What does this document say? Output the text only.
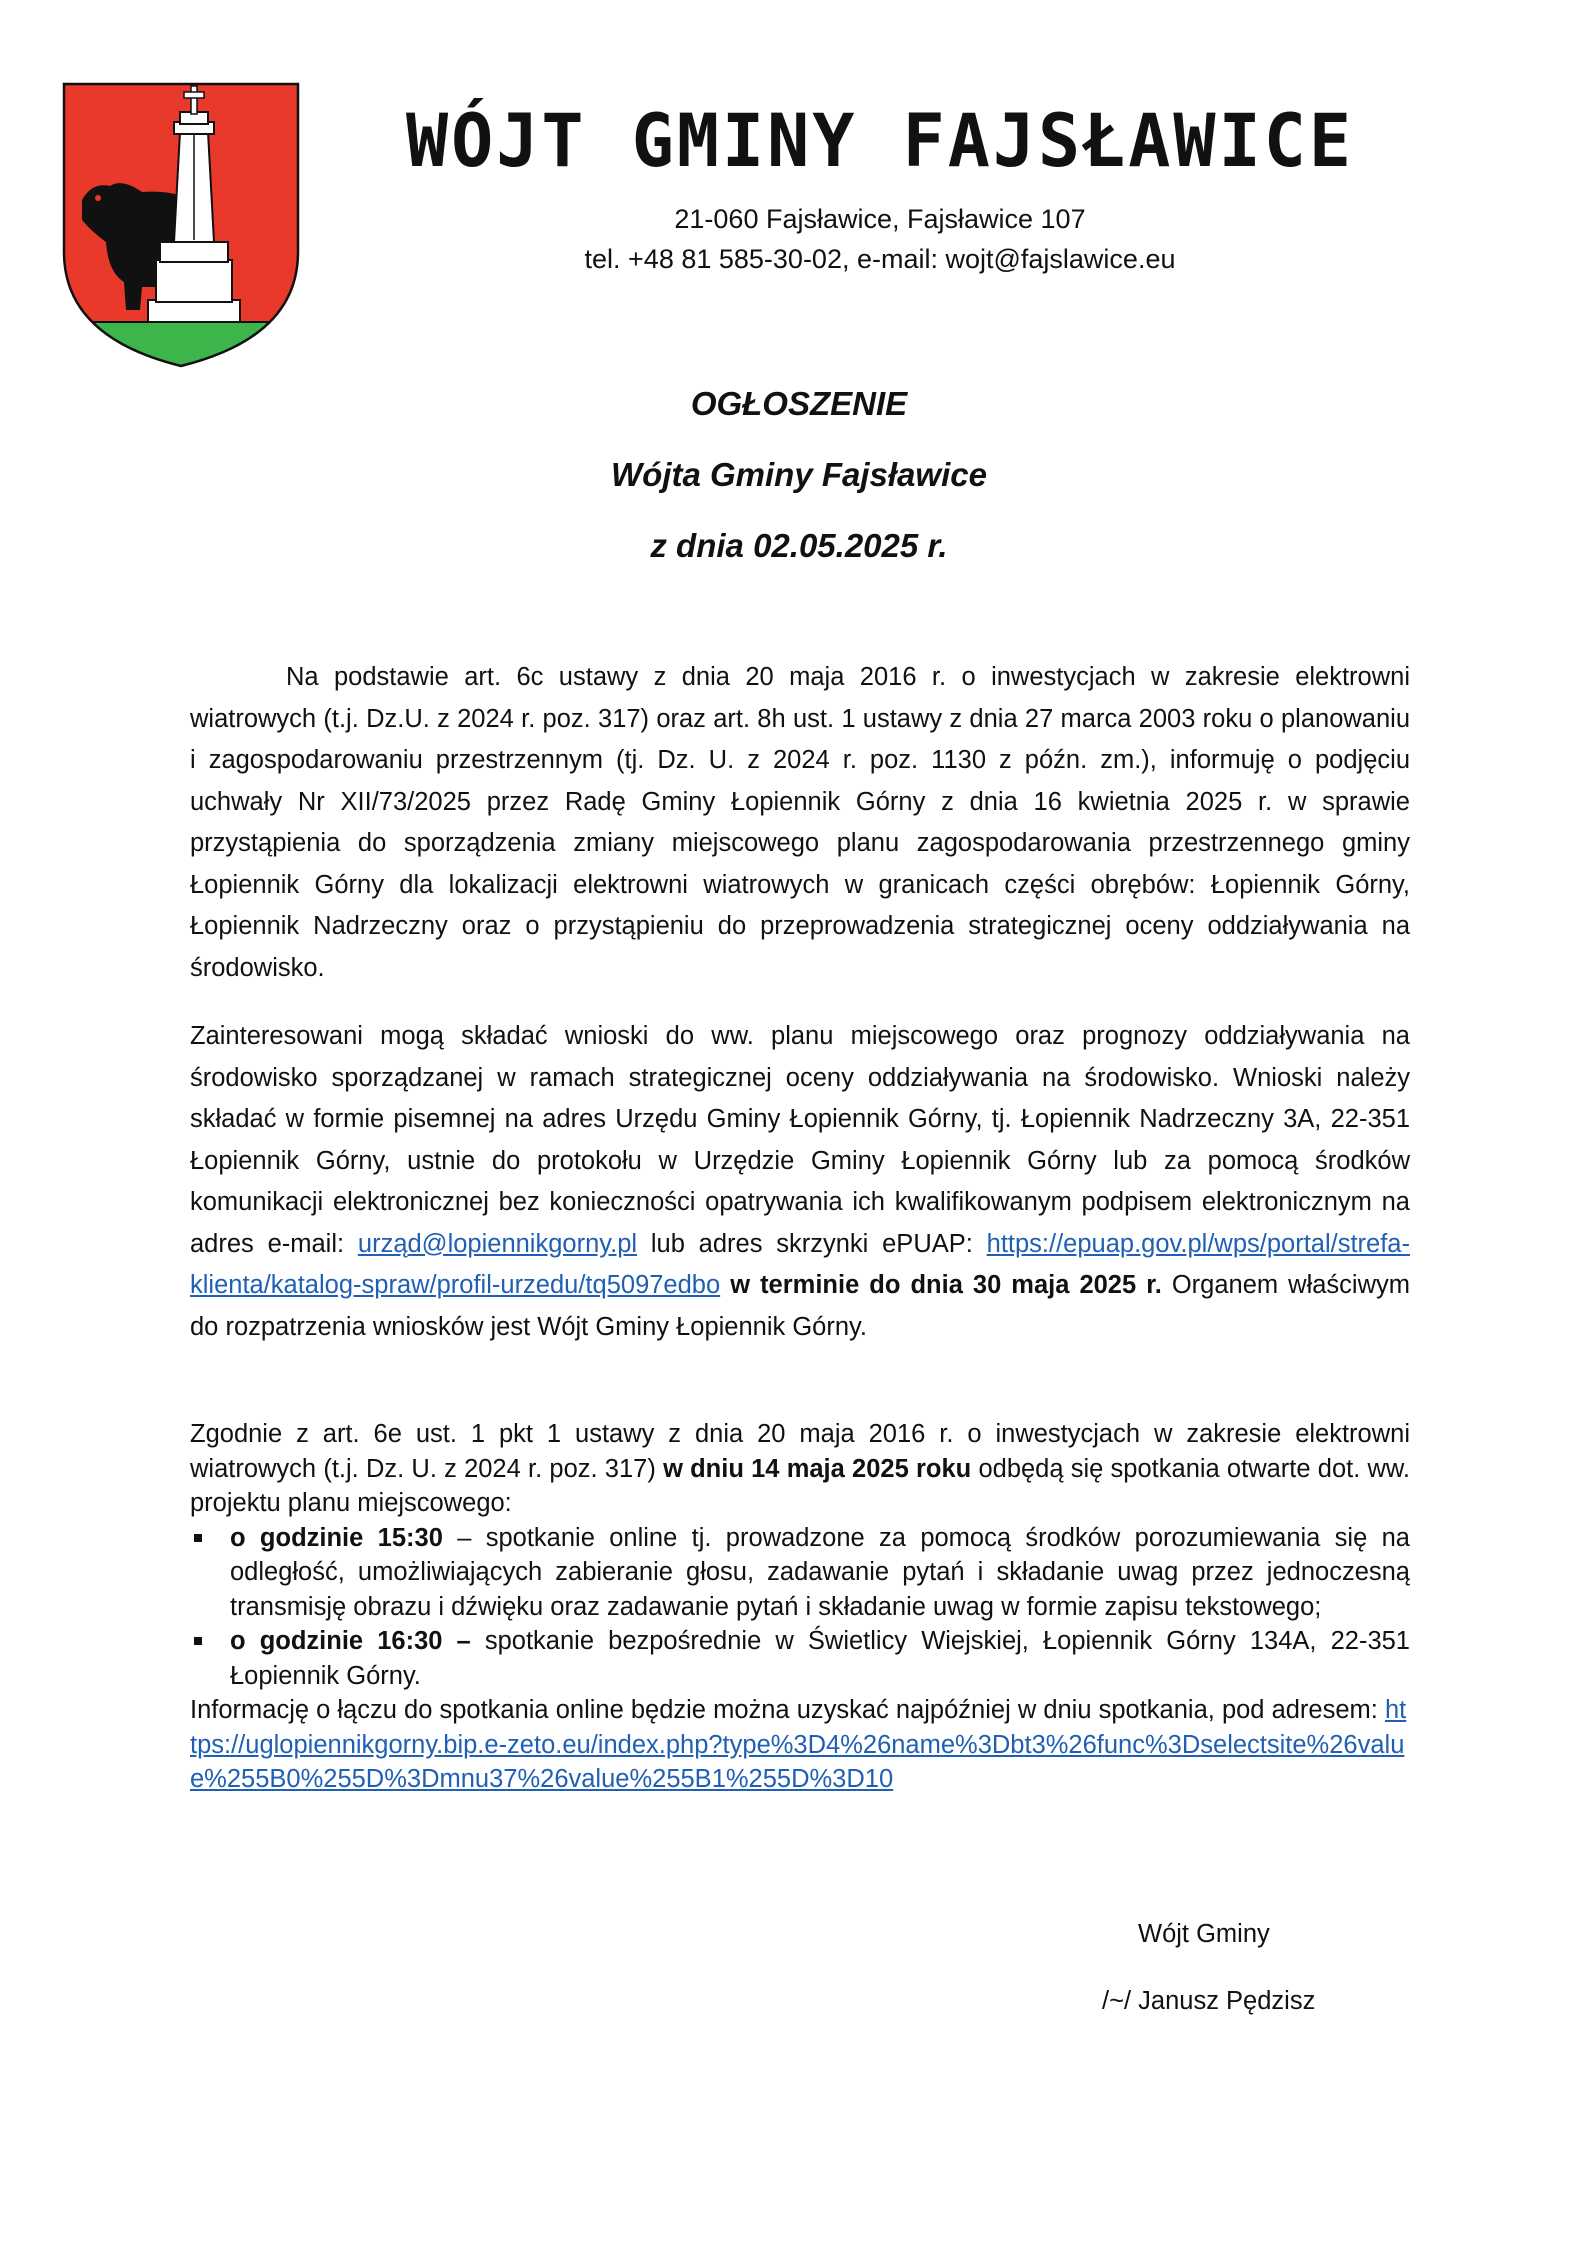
WÓJT GMINY FAJSŁAWICE
21-060 Fajsławice, Fajsławice 107
tel. +48 81 585-30-02, e-mail: wojt@fajslawice.eu
OGŁOSZENIE
Wójta Gminy Fajsławice
z dnia 02.05.2025 r.
Na podstawie art. 6c ustawy z dnia 20 maja 2016 r. o inwestycjach w zakresie elektrowni wiatrowych (t.j. Dz.U. z 2024 r. poz. 317) oraz art. 8h ust. 1 ustawy z dnia 27 marca 2003 roku o planowaniu i zagospodarowaniu przestrzennym (tj. Dz. U. z 2024 r. poz. 1130 z późn. zm.), informuję o podjęciu uchwały Nr XII/73/2025 przez Radę Gminy Łopiennik Górny z dnia 16 kwietnia 2025 r. w sprawie przystąpienia do sporządzenia zmiany miejscowego planu zagospodarowania przestrzennego gminy Łopiennik Górny dla lokalizacji elektrowni wiatrowych w granicach części obrębów: Łopiennik Górny, Łopiennik Nadrzeczny oraz o przystąpieniu do przeprowadzenia strategicznej oceny oddziaływania na środowisko.
Zainteresowani mogą składać wnioski do ww. planu miejscowego oraz prognozy oddziaływania na środowisko sporządzanej w ramach strategicznej oceny oddziaływania na środowisko. Wnioski należy składać w formie pisemnej na adres Urzędu Gminy Łopiennik Górny, tj. Łopiennik Nadrzeczny 3A, 22-351 Łopiennik Górny, ustnie do protokołu w Urzędzie Gminy Łopiennik Górny lub za pomocą środków komunikacji elektronicznej bez konieczności opatrywania ich kwalifikowanym podpisem elektronicznym na adres e-mail: urząd@lopiennikgorny.pl lub adres skrzynki ePUAP: https://epuap.gov.pl/wps/portal/strefa-klienta/katalog-spraw/profil-urzedu/tq5097edbo w terminie do dnia 30 maja 2025 r. Organem właściwym do rozpatrzenia wniosków jest Wójt Gminy Łopiennik Górny.
Zgodnie z art. 6e ust. 1 pkt 1 ustawy z dnia 20 maja 2016 r. o inwestycjach w zakresie elektrowni wiatrowych (t.j. Dz. U. z 2024 r. poz. 317) w dniu 14 maja 2025 roku odbędą się spotkania otwarte dot. ww. projektu planu miejscowego:
o godzinie 15:30 – spotkanie online tj. prowadzone za pomocą środków porozumiewania się na odległość, umożliwiających zabieranie głosu, zadawanie pytań i składanie uwag przez jednoczesną transmisję obrazu i dźwięku oraz zadawanie pytań i składanie uwag w formie zapisu tekstowego;
o godzinie 16:30 – spotkanie bezpośrednie w Świetlicy Wiejskiej, Łopiennik Górny 134A, 22-351 Łopiennik Górny.
Informację o łączu do spotkania online będzie można uzyskać najpóźniej w dniu spotkania, pod adresem: https://uglopiennikgorny.bip.e-zeto.eu/index.php?type%3D4%26name%3Dbt3%26func%3Dselectsite%26value%255B0%255D%3Dmnu37%26value%255B1%255D%3D10
Wójt Gminy
/~/ Janusz Pędzisz
